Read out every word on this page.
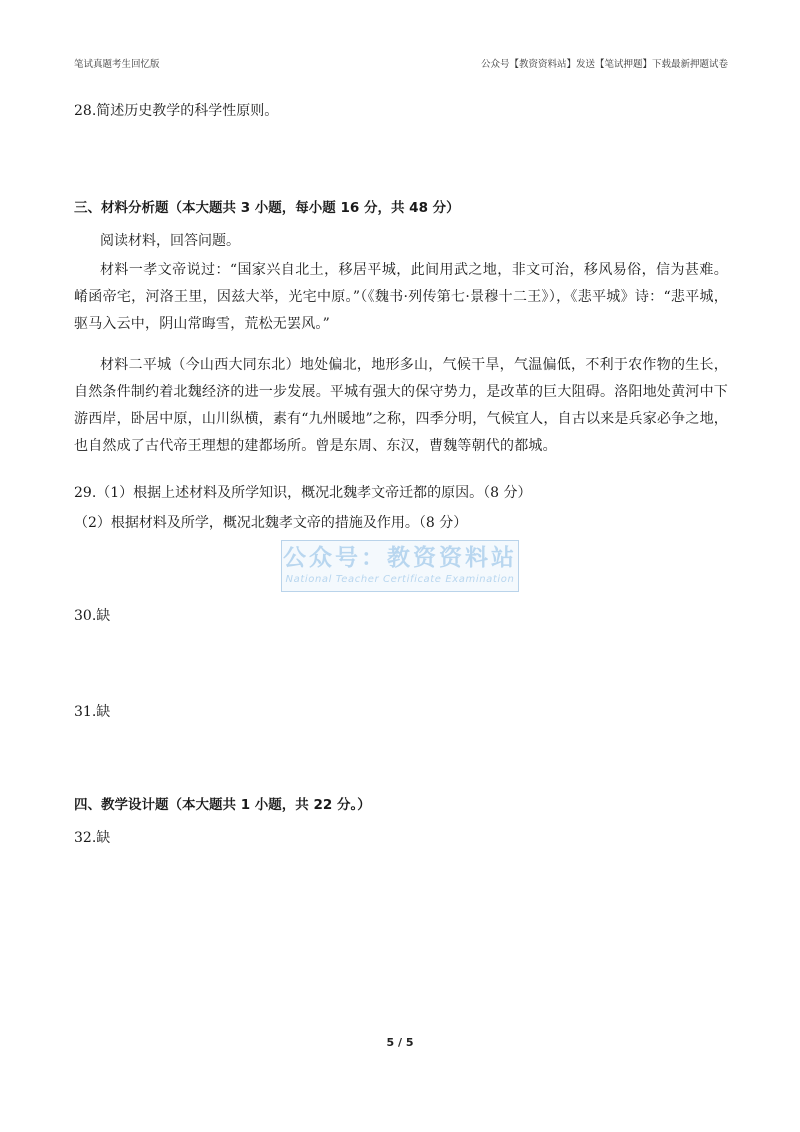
笔试真题考生回忆版	公众号【教资资料站】发送【笔试押题】下载最新押题试卷
28.简述历史教学的科学性原则。
三、材料分析题（本大题共 3 小题，每小题 16 分，共 48 分）
阅读材料，回答问题。
材料一孝文帝说过：“国家兴自北土，移居平城，此间用武之地，非文可治，移风易俗，信为甚难。崤函帝宅，河洛王里，因兹大举，光宅中原。”（《魏书·列传第七·景穆十二王》），《悲平城》诗：“悲平城，驱马入云中，阴山常晦雪，荒松无罢风。”
材料二平城（今山西大同东北）地处偏北，地形多山，气候干旱，气温偏低，不利于农作物的生长，自然条件制约着北魏经济的进一步发展。平城有强大的保守势力，是改革的巨大阻碍。洛阳地处黄河中下游西岸，卧居中原，山川纵横，素有“九州暖地”之称，四季分明，气候宜人，自古以来是兵家必争之地，也自然成了古代帝王理想的建都场所。曾是东周、东汉，曹魏等朝代的都城。
29.（1）根据上述材料及所学知识，概况北魏孝文帝迁都的原因。（8 分）
（2）根据材料及所学，概况北魏孝文帝的措施及作用。（8 分）
公众号：教资资料站
National Teacher Certificate Examination
30.缺
31.缺
四、教学设计题（本大题共 1 小题，共 22 分。）
32.缺
5 / 5
